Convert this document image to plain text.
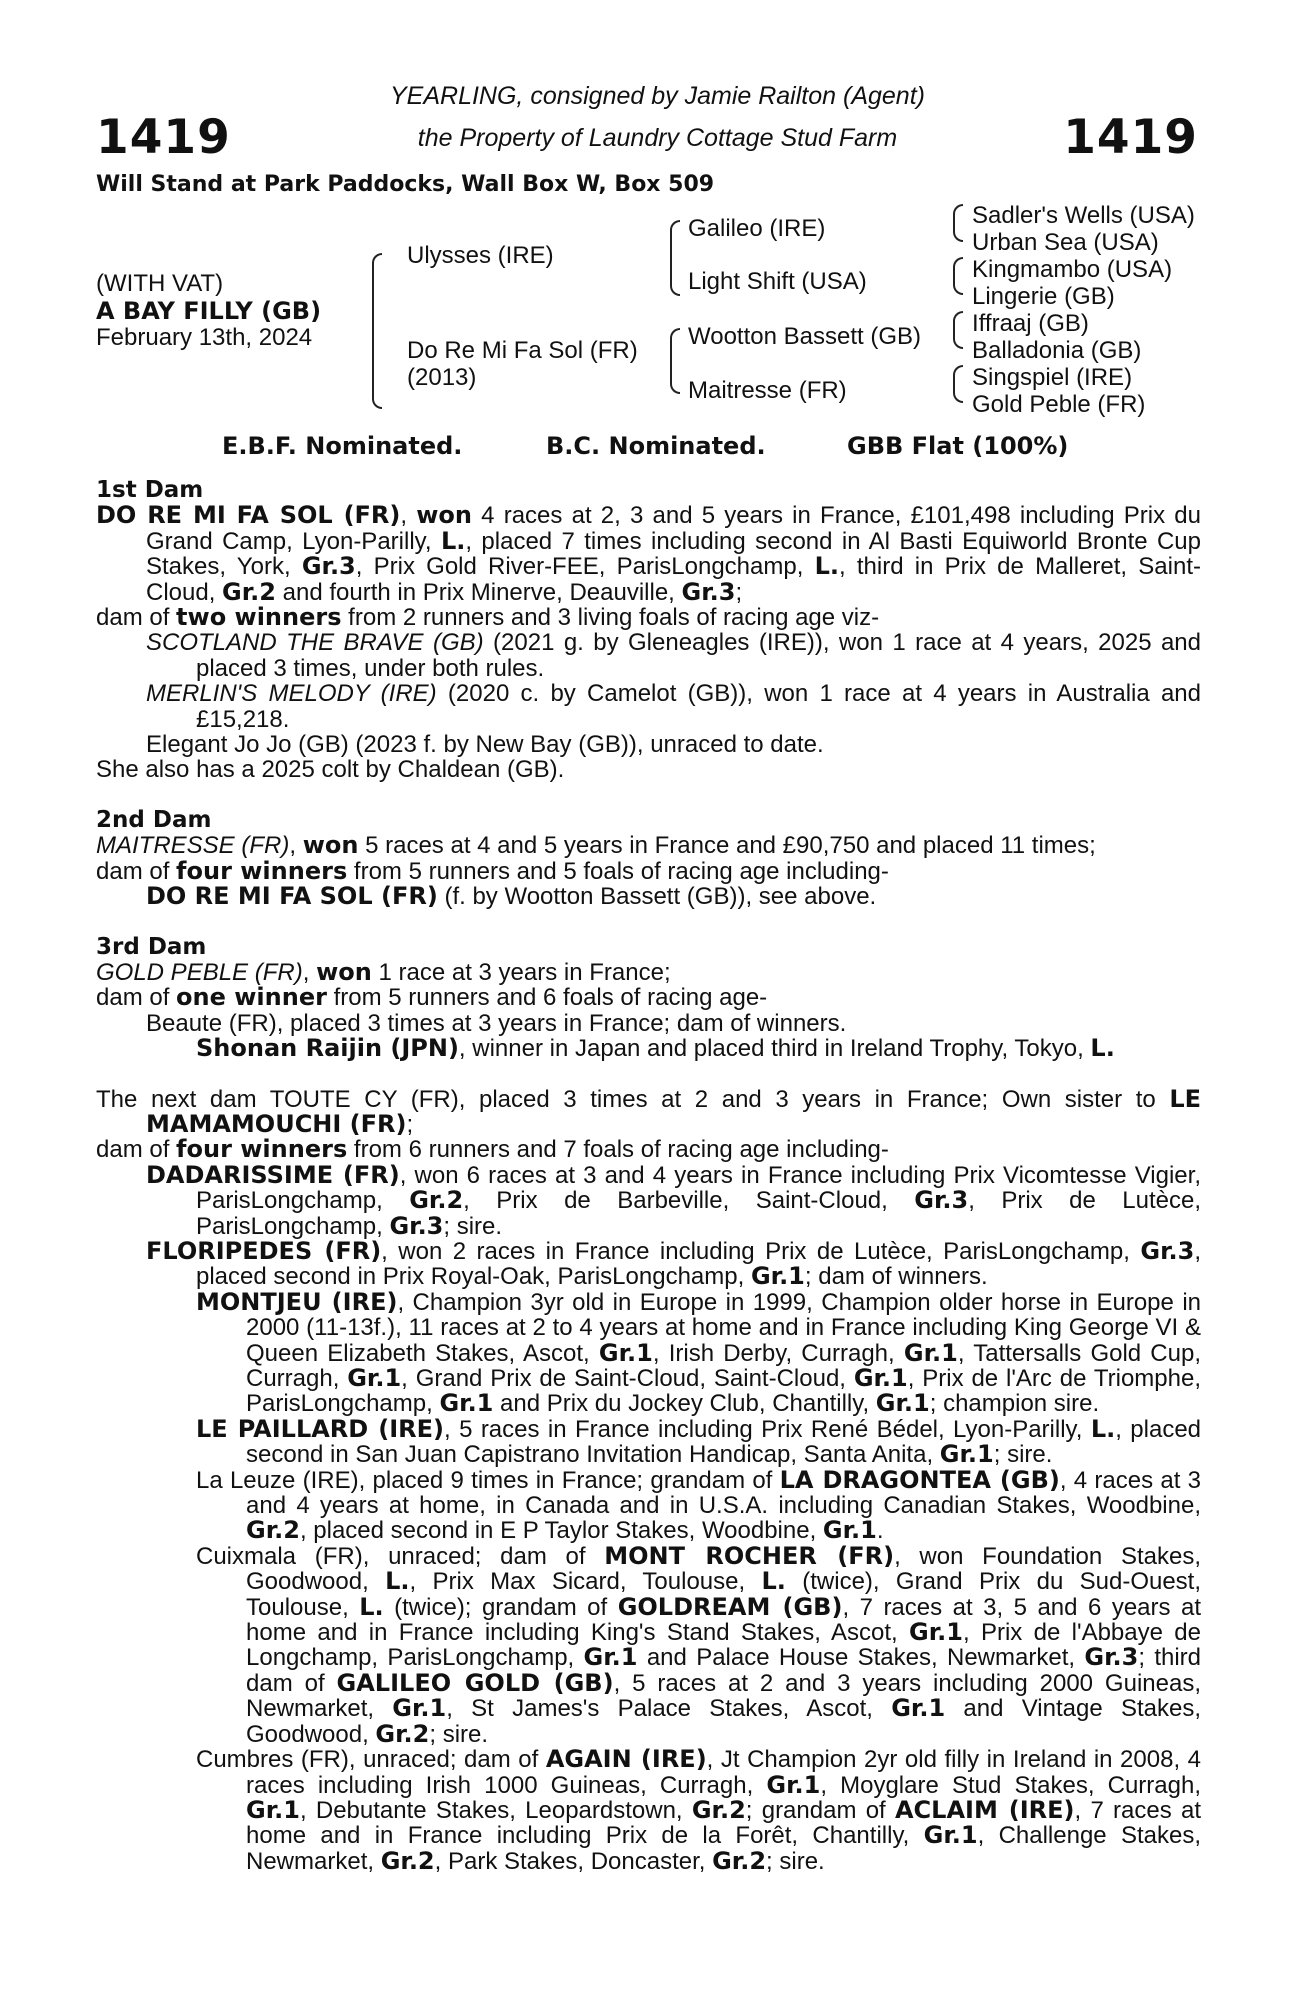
1419	1419
YEARLING, consigned by Jamie Railton (Agent)
the Property of Laundry Cottage Stud Farm
Will Stand at Park Paddocks, Wall Box W, Box 509
(WITH VAT)
A BAY FILLY (GB)
February 13th, 2024
Ulysses (IRE)
Do Re Mi Fa Sol (FR)
(2013)
Galileo (IRE)
Light Shift (USA)
Wootton Bassett (GB)
Maitresse (FR)
Sadler's Wells (USA)
Urban Sea (USA)
Kingmambo (USA)
Lingerie (GB)
Iffraaj (GB)
Balladonia (GB)
Singspiel (IRE)
Gold Peble (FR)
E.B.F. Nominated.	B.C. Nominated.	GBB Flat (100%)
1st Dam

DO RE MI FA SOL (FR), won 4 races at 2, 3 and 5 years in France, £101,498 including Prix du Grand Camp, Lyon-Parilly, L., placed 7 times including second in Al Basti Equiworld Bronte Cup Stakes, York, Gr.3, Prix Gold River-FEE, ParisLongchamp, L., third in Prix de Malleret, Saint-Cloud, Gr.2 and fourth in Prix Minerve, Deauville, Gr.3;

dam of two winners from 2 runners and 3 living foals of racing age viz-

SCOTLAND THE BRAVE (GB) (2021 g. by Gleneagles (IRE)), won 1 race at 4 years, 2025 and placed 3 times, under both rules.

MERLIN'S MELODY (IRE) (2020 c. by Camelot (GB)), won 1 race at 4 years in Australia and £15,218.

Elegant Jo Jo (GB) (2023 f. by New Bay (GB)), unraced to date.

She also has a 2025 colt by Chaldean (GB).

2nd Dam

MAITRESSE (FR), won 5 races at 4 and 5 years in France and £90,750 and placed 11 times;

dam of four winners from 5 runners and 5 foals of racing age including-

DO RE MI FA SOL (FR) (f. by Wootton Bassett (GB)), see above.

3rd Dam

GOLD PEBLE (FR), won 1 race at 3 years in France;

dam of one winner from 5 runners and 6 foals of racing age-

Beaute (FR), placed 3 times at 3 years in France; dam of winners.

Shonan Raijin (JPN), winner in Japan and placed third in Ireland Trophy, Tokyo, L.

The next dam TOUTE CY (FR), placed 3 times at 2 and 3 years in France; Own sister to LE MAMAMOUCHI (FR);

dam of four winners from 6 runners and 7 foals of racing age including-

DADARISSIME (FR), won 6 races at 3 and 4 years in France including Prix Vicomtesse Vigier, ParisLongchamp, Gr.2, Prix de Barbeville, Saint-Cloud, Gr.3, Prix de Lutèce, ParisLongchamp, Gr.3; sire.

FLORIPEDES (FR), won 2 races in France including Prix de Lutèce, ParisLongchamp, Gr.3, placed second in Prix Royal-Oak, ParisLongchamp, Gr.1; dam of winners.

MONTJEU (IRE), Champion 3yr old in Europe in 1999, Champion older horse in Europe in 2000 (11-13f.), 11 races at 2 to 4 years at home and in France including King George VI & Queen Elizabeth Stakes, Ascot, Gr.1, Irish Derby, Curragh, Gr.1, Tattersalls Gold Cup, Curragh, Gr.1, Grand Prix de Saint-Cloud, Saint-Cloud, Gr.1, Prix de l'Arc de Triomphe, ParisLongchamp, Gr.1 and Prix du Jockey Club, Chantilly, Gr.1; champion sire.

LE PAILLARD (IRE), 5 races in France including Prix René Bédel, Lyon-Parilly, L., placed second in San Juan Capistrano Invitation Handicap, Santa Anita, Gr.1; sire.

La Leuze (IRE), placed 9 times in France; grandam of LA DRAGONTEA (GB), 4 races at 3 and 4 years at home, in Canada and in U.S.A. including Canadian Stakes, Woodbine, Gr.2, placed second in E P Taylor Stakes, Woodbine, Gr.1.

Cuixmala (FR), unraced; dam of MONT ROCHER (FR), won Foundation Stakes, Goodwood, L., Prix Max Sicard, Toulouse, L. (twice), Grand Prix du Sud-Ouest, Toulouse, L. (twice); grandam of GOLDREAM (GB), 7 races at 3, 5 and 6 years at home and in France including King's Stand Stakes, Ascot, Gr.1, Prix de l'Abbaye de Longchamp, ParisLongchamp, Gr.1 and Palace House Stakes, Newmarket, Gr.3; third dam of GALILEO GOLD (GB), 5 races at 2 and 3 years including 2000 Guineas, Newmarket, Gr.1, St James's Palace Stakes, Ascot, Gr.1 and Vintage Stakes, Goodwood, Gr.2; sire.

Cumbres (FR), unraced; dam of AGAIN (IRE), Jt Champion 2yr old filly in Ireland in 2008, 4 races including Irish 1000 Guineas, Curragh, Gr.1, Moyglare Stud Stakes, Curragh, Gr.1, Debutante Stakes, Leopardstown, Gr.2; grandam of ACLAIM (IRE), 7 races at home and in France including Prix de la Forêt, Chantilly, Gr.1, Challenge Stakes, Newmarket, Gr.2, Park Stakes, Doncaster, Gr.2; sire.
